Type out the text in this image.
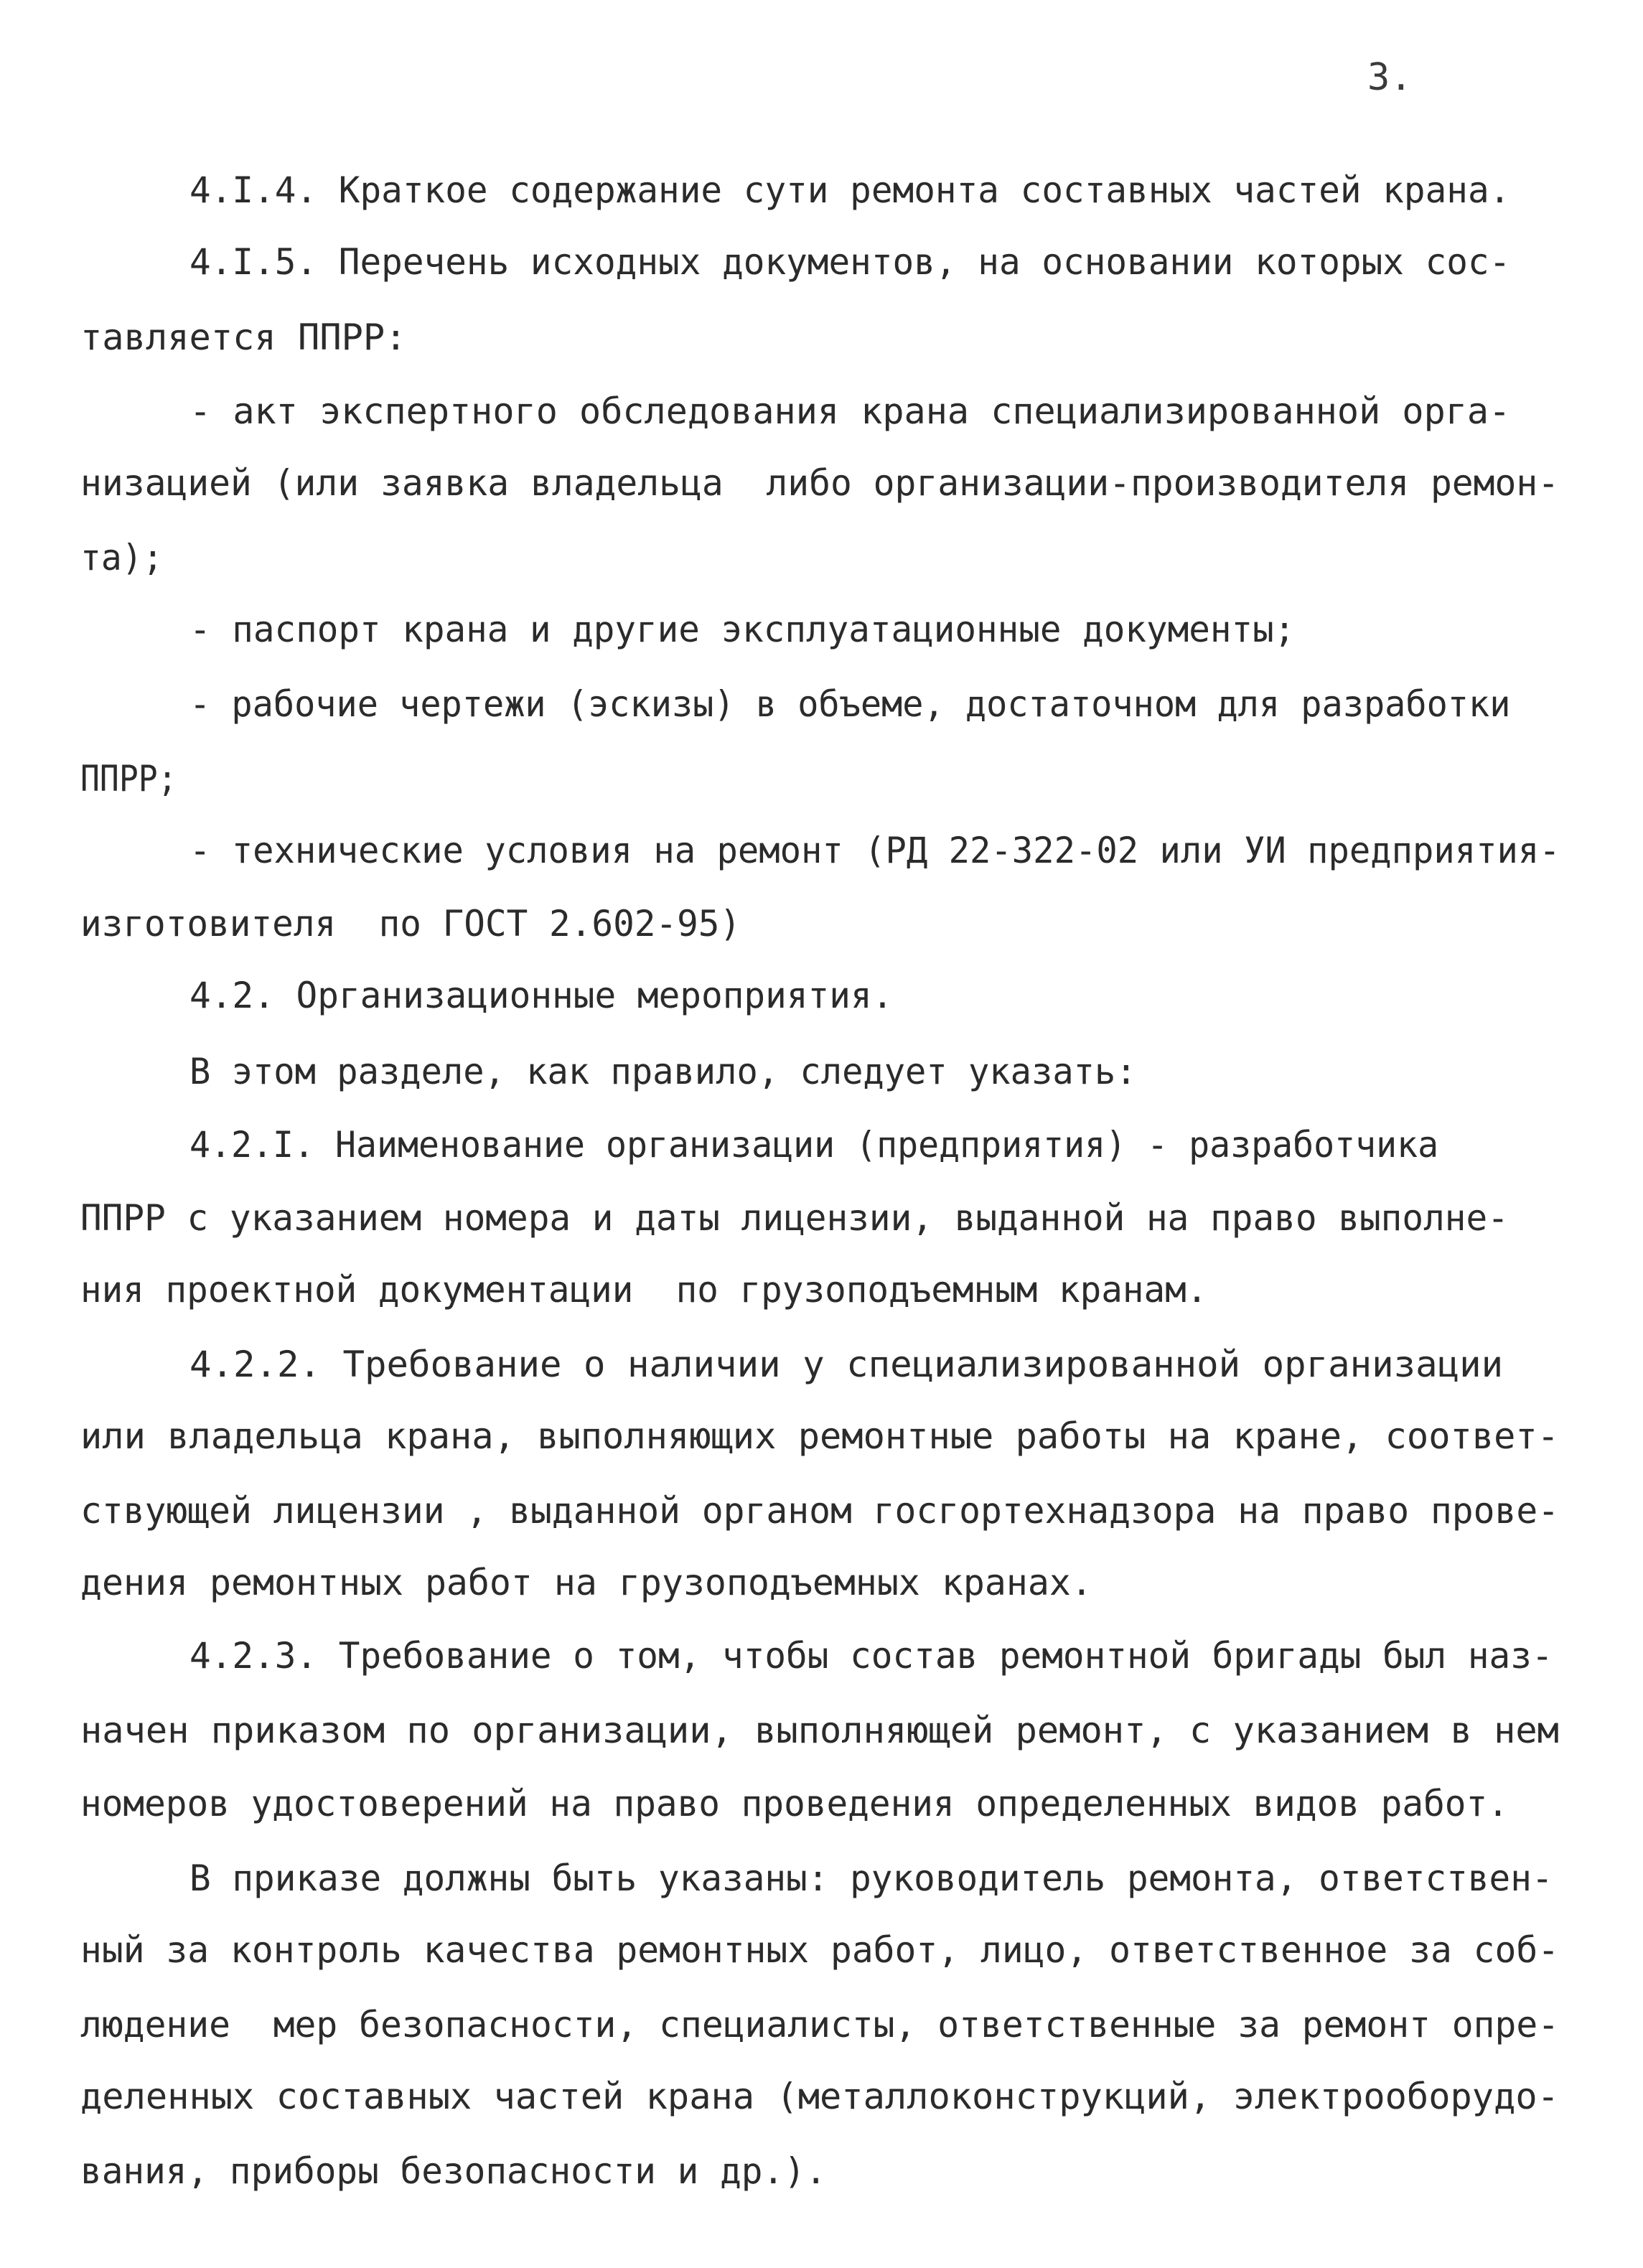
3.
4.I.4. Краткое содержание сути ремонта составных частей крана.
4.I.5. Перечень исходных документов, на основании которых сос-
тавляется ППРР:
- акт экспертного обследования крана специализированной орга-
низацией (или заявка владельца  либо организации-производителя ремон-
та);
- паспорт крана и другие эксплуатационные документы;
- рабочие чертежи (эскизы) в объеме, достаточном для разработки
ППРР;
- технические условия на ремонт (РД 22-322-02 или УИ предприятия-
изготовителя  по ГОСТ 2.602-95)
4.2. Организационные мероприятия.
В этом разделе, как правило, следует указать:
4.2.I. Наименование организации (предприятия) - разработчика
ППРР с указанием номера и даты лицензии, выданной на право выполне-
ния проектной документации  по грузоподъемным кранам.
4.2.2. Требование о наличии у специализированной организации
или владельца крана, выполняющих ремонтные работы на кране, соответ-
ствующей лицензии , выданной органом госгортехнадзора на право прове-
дения ремонтных работ на грузоподъемных кранах.
4.2.3. Требование о том, чтобы состав ремонтной бригады был наз-
начен приказом по организации, выполняющей ремонт, с указанием в нем
номеров удостоверений на право проведения определенных видов работ.
В приказе должны быть указаны: руководитель ремонта, ответствен-
ный за контроль качества ремонтных работ, лицо, ответственное за соб-
людение  мер безопасности, специалисты, ответственные за ремонт опре-
деленных составных частей крана (металлоконструкций, электрооборудо-
вания, приборы безопасности и др.).
